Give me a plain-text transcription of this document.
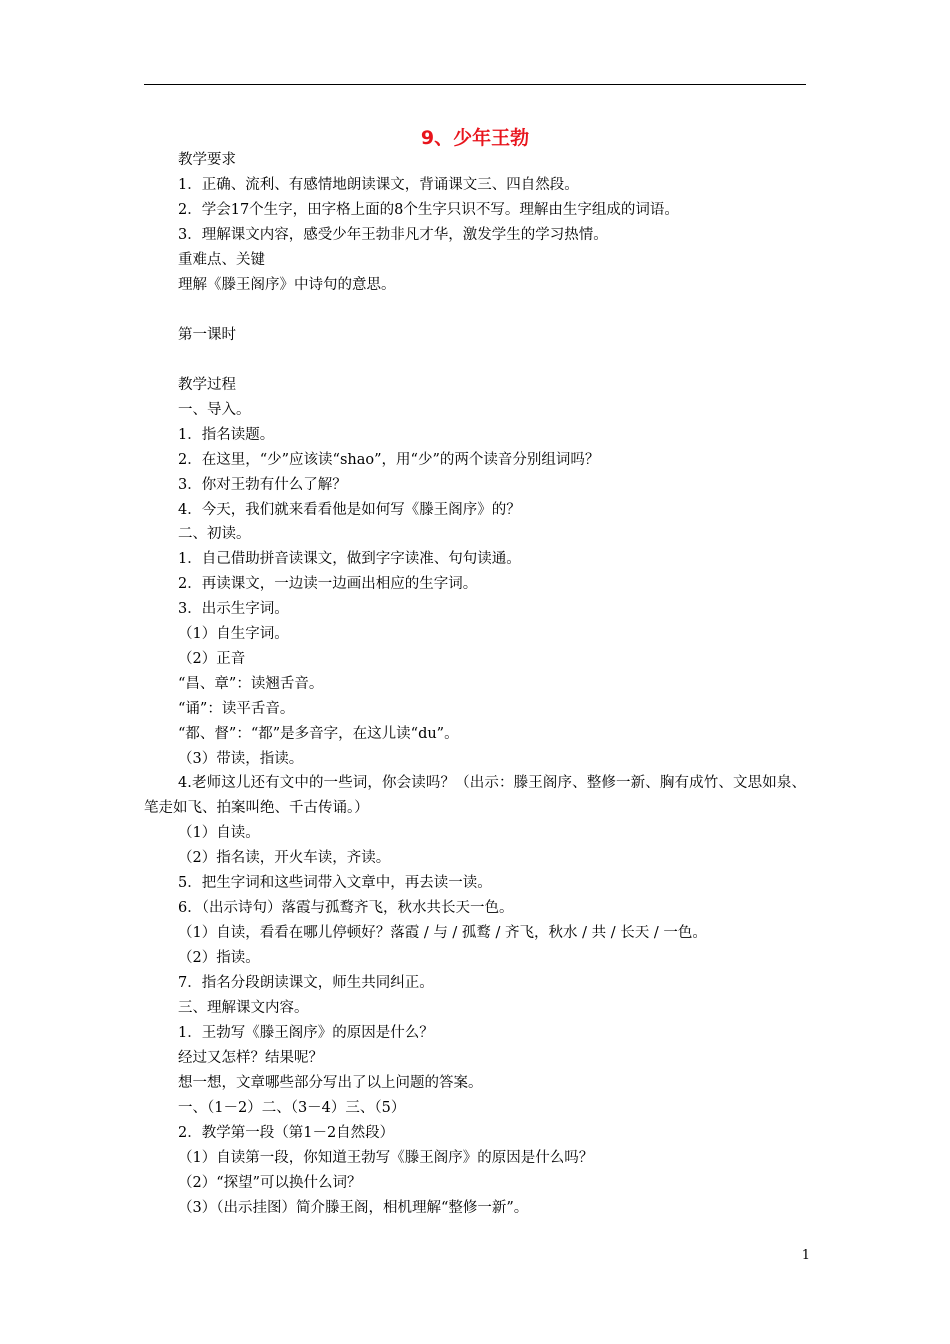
9、少年王勃
教学要求
1．正确、流利、有感情地朗读课文，背诵课文三、四自然段。
2．学会17个生字，田字格上面的8个生字只识不写。理解由生字组成的词语。
3．理解课文内容，感受少年王勃非凡才华，激发学生的学习热情。
重难点、关键
理解《滕王阁序》中诗句的意思。
第一课时
教学过程
一、导入。
1．指名读题。
2．在这里，“少”应该读“shao”，用“少”的两个读音分别组词吗？
3．你对王勃有什么了解？
4．今天，我们就来看看他是如何写《滕王阁序》的？
二、初读。
1．自己借助拼音读课文，做到字字读准、句句读通。
2．再读课文，一边读一边画出相应的生字词。
3．出示生字词。
（1）自生字词。
（2）正音
“昌、章”：读翘舌音。
“诵”：读平舌音。
“都、督”：“都”是多音字，在这儿读“du”。
（3）带读，指读。

4.老师这儿还有文中的一些词，你会读吗？（出示：滕王阁序、整修一新、胸有成竹、文思如泉、笔走如飞、拍案叫绝、千古传诵。）

（1）自读。
（2）指名读，开火车读，齐读。
5．把生字词和这些词带入文章中，再去读一读。
6．（出示诗句）落霞与孤鹜齐飞，秋水共长天一色。
（1）自读，看看在哪儿停顿好？落霞 / 与 / 孤鹜 / 齐飞，秋水 / 共 / 长天 / 一色。
（2）指读。
7．指名分段朗读课文，师生共同纠正。
三、理解课文内容。
1．王勃写《滕王阁序》的原因是什么？
经过又怎样？结果呢？
想一想，文章哪些部分写出了以上问题的答案。
一、（1－2）二、（3－4）三、（5）
2．教学第一段（第1－2自然段）
（1）自读第一段，你知道王勃写《滕王阁序》的原因是什么吗？
（2）“探望”可以换什么词？
（3）（出示挂图）简介滕王阁，相机理解“整修一新”。
1
